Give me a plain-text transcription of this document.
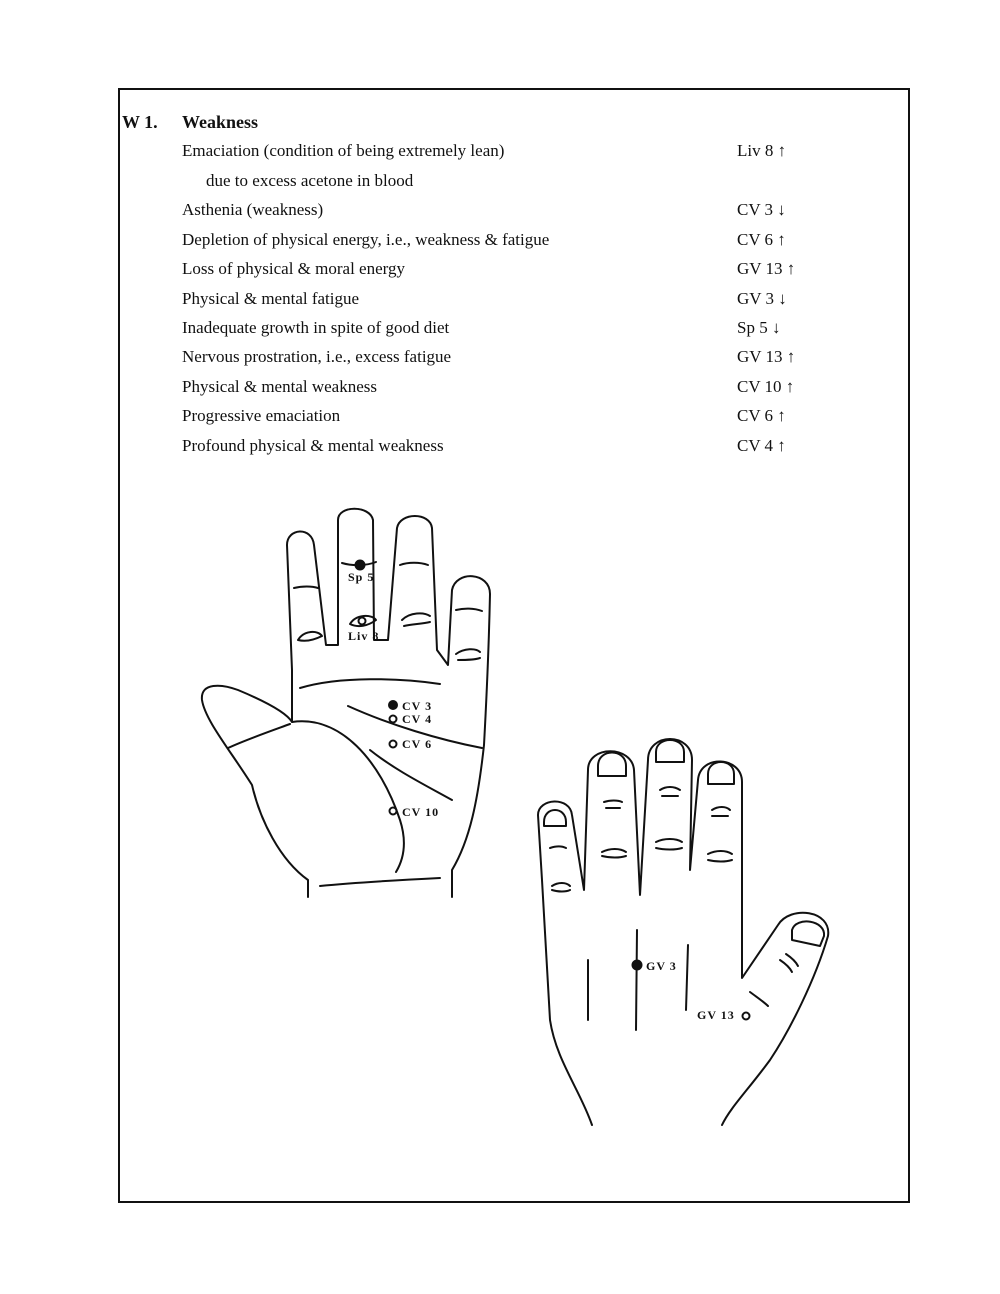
W 1. Weakness
Emaciation (condition of being extremely lean)	Liv 8 ↑
due to excess acetone in blood
Asthenia (weakness)	CV 3 ↓
Depletion of physical energy, i.e., weakness & fatigue	CV 6 ↑
Loss of physical & moral energy	GV 13 ↑
Physical & mental fatigue	GV 3 ↓
Inadequate growth in spite of good diet	Sp 5 ↓
Nervous prostration, i.e., excess fatigue	GV 13 ↑
Physical & mental weakness	CV 10 ↑
Progressive emaciation	CV 6 ↑
Profound physical & mental weakness	CV 4 ↑
Sp 5
Liv 8
CV 3
CV 4
CV 6
CV 10
GV 3
GV 13
